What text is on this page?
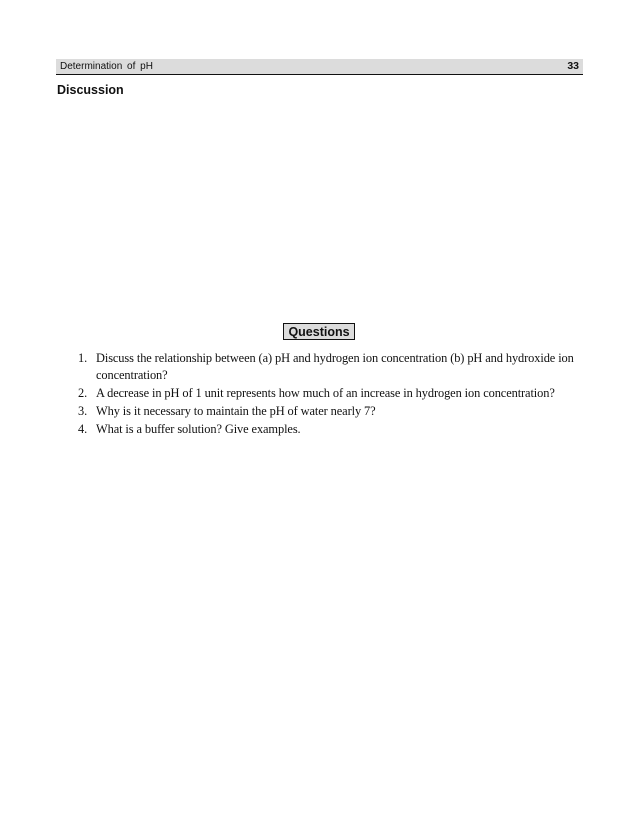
Determination of pH	33
Discussion
Questions
1. Discuss the relationship between (a) pH and hydrogen ion concentration (b) pH and hydroxide ion concentration?
2. A decrease in pH of 1 unit represents how much of an increase in hydrogen ion concentration?
3. Why is it necessary to maintain the pH of water nearly 7?
4. What is a buffer solution? Give examples.
